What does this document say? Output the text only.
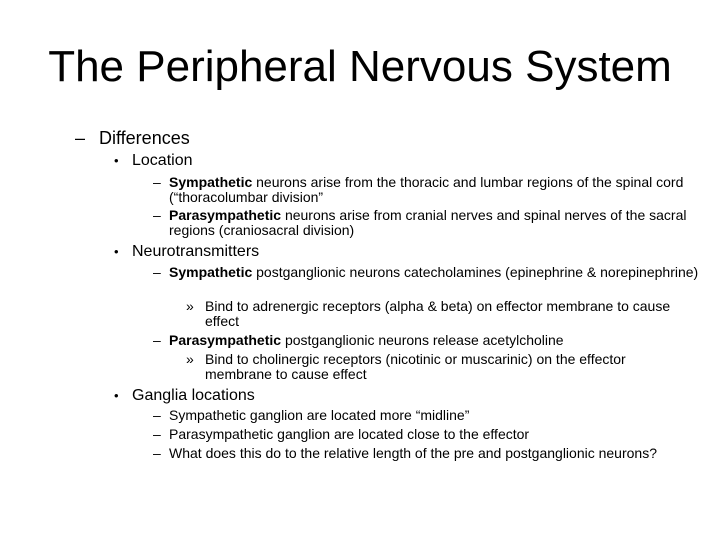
The Peripheral Nervous System
– Differences
• Location
– Sympathetic neurons arise from the thoracic and lumbar regions of the spinal cord (“thoracolumbar division”
– Parasympathetic neurons arise from cranial nerves and spinal nerves of the sacral regions (craniosacral division)
• Neurotransmitters
– Sympathetic postganglionic neurons catecholamines (epinephrine & norepinephrine)
» Bind to adrenergic receptors (alpha & beta) on effector membrane to cause effect
– Parasympathetic postganglionic neurons release acetylcholine
» Bind to cholinergic receptors (nicotinic or muscarinic) on the effector membrane to cause effect
• Ganglia locations
– Sympathetic ganglion are located more “midline”
– Parasympathetic ganglion are located close to the effector
– What does this do to the relative length of the pre and postganglionic neurons?
